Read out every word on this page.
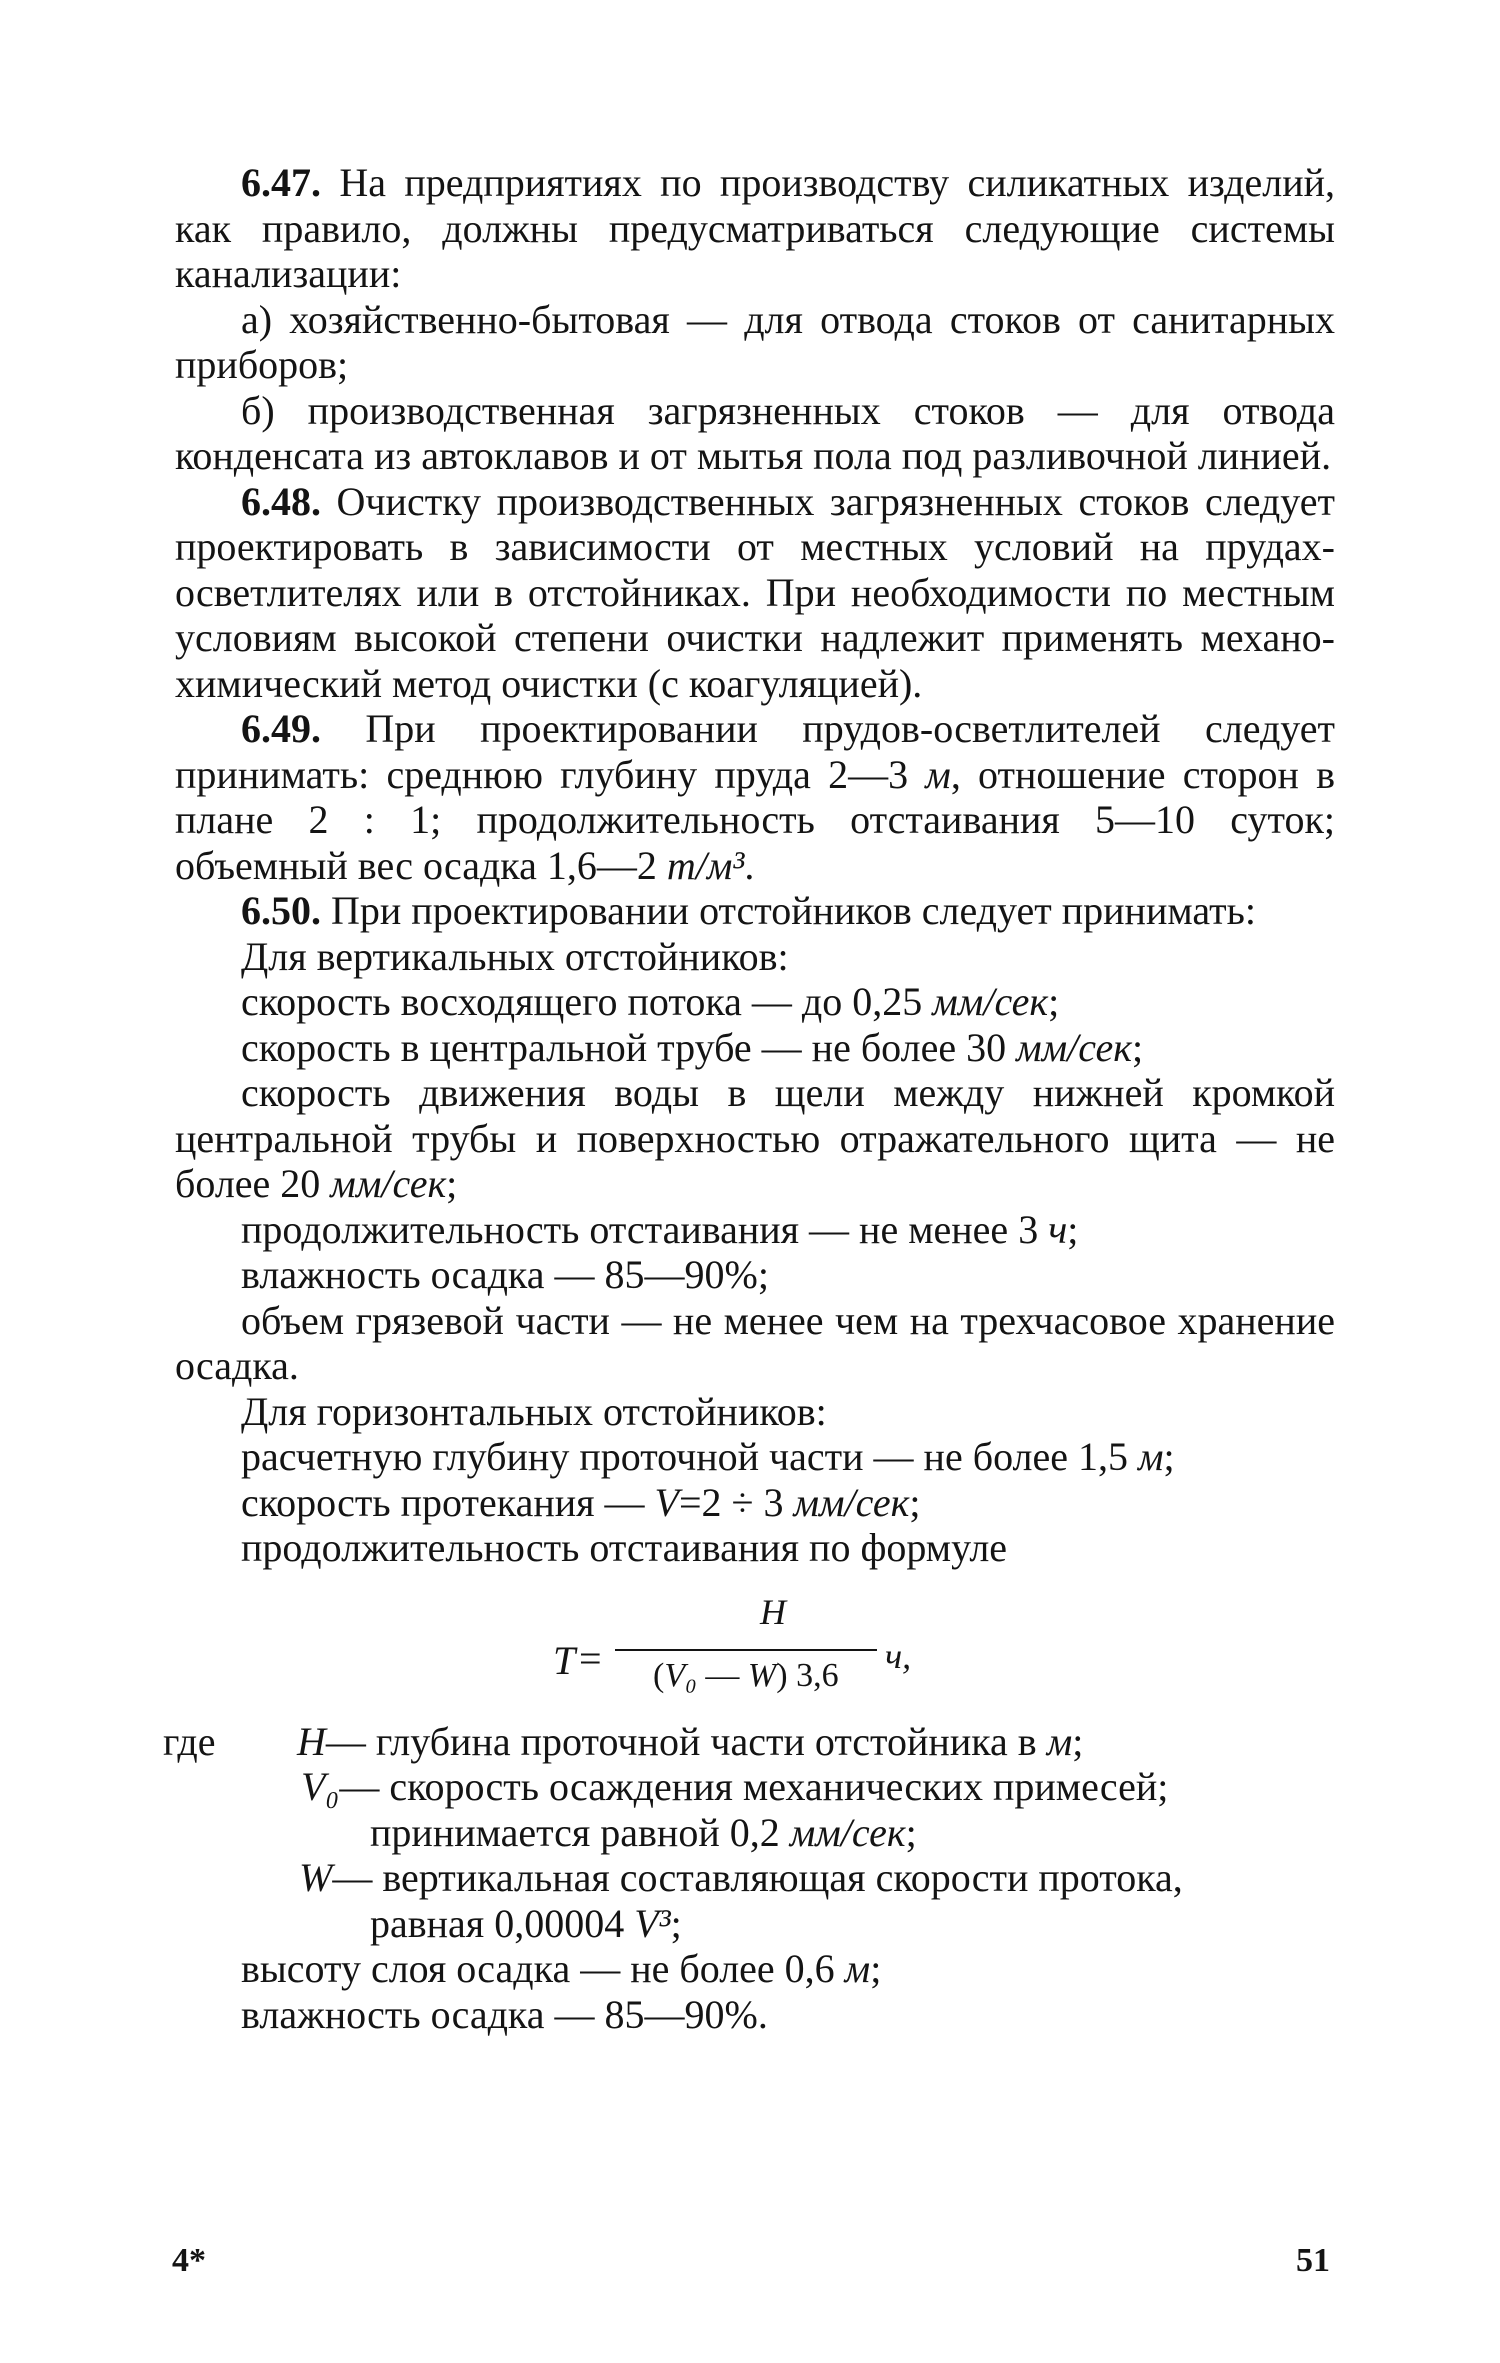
6.47. На предприятиях по производству силикатных изделий, как правило, должны предусматриваться следующие системы канализации:

а) хозяйственно-бытовая — для отвода стоков от санитарных приборов;

б) производственная загрязненных стоков — для отвода конденсата из автоклавов и от мытья пола под разливочной линией.

6.48. Очистку производственных загрязненных стоков следует проектировать в зависимости от местных условий на прудах-осветлителях или в отстойниках. При необходимости по местным условиям высокой степени очистки надлежит применять механо-химический метод очистки (с коагуляцией).

6.49. При проектировании прудов-осветлителей следует принимать: среднюю глубину пруда 2—3 м, отношение сторон в плане 2 : 1; продолжительность отстаивания 5—10 суток; объемный вес осадка 1,6—2 т/м³.

6.50. При проектировании отстойников следует принимать:

Для вертикальных отстойников:

скорость восходящего потока — до 0,25 мм/сек;

скорость в центральной трубе — не более 30 мм/сек;

скорость движения воды в щели между нижней кромкой центральной трубы и поверхностью отражательного щита — не более 20 мм/сек;

продолжительность отстаивания — не менее 3 ч;

влажность осадка — 85—90%;

объем грязевой части — не менее чем на трехчасовое хранение осадка.

Для горизонтальных отстойников:

расчетную глубину проточной части — не более 1,5 м;

скорость протекания — V=2 ÷ 3 мм/сек;

продолжительность отстаивания по формуле

T =
H
(V₀ — W) 3,6 ч,
где H— глубина проточной части отстойника в м;
V₀— скорость осаждения механических примесей;
принимается равной 0,2 мм/сек;
W— вертикальная составляющая скорости протока,
равная 0,00004 V³;

высоту слоя осадка — не более 0,6 м;

влажность осадка — 85—90%.

4*	51
